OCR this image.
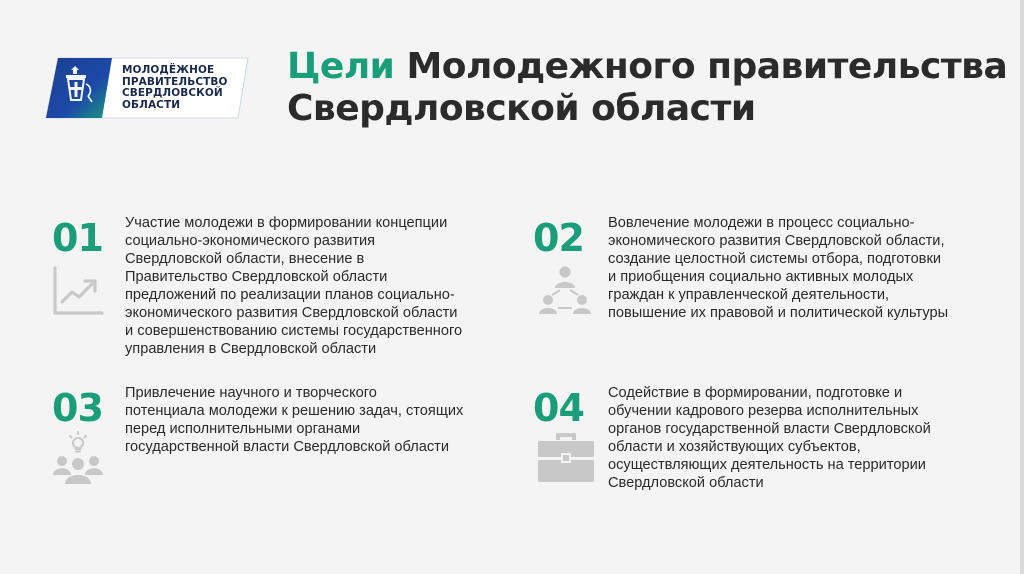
МОЛОДЁЖНОЕ
ПРАВИТЕЛЬСТВО
СВЕРДЛОВСКОЙ
ОБЛАСТИ
Цели Молодежного правительства
Свердловской области
01 Участие молодежи в формировании концепции
социально-экономического развития
Свердловской области, внесение в
Правительство Свердловской области
предложений по реализации планов социально-
экономического развития Свердловской области
и совершенствованию системы государственного
управления в Свердловской области
02 Вовлечение молодежи в процесс социально-
экономического развития Свердловской области,
создание целостной системы отбора, подготовки
и приобщения социально активных молодых
граждан к управленческой деятельности,
повышение их правовой и политической культуры
03 Привлечение научного и творческого
потенциала молодежи к решению задач, стоящих
перед исполнительными органами
государственной власти Свердловской области
04 Содействие в формировании, подготовке и
обучении кадрового резерва исполнительных
органов государственной власти Свердловской
области и хозяйствующих субъектов,
осуществляющих деятельность на территории
Свердловской области
